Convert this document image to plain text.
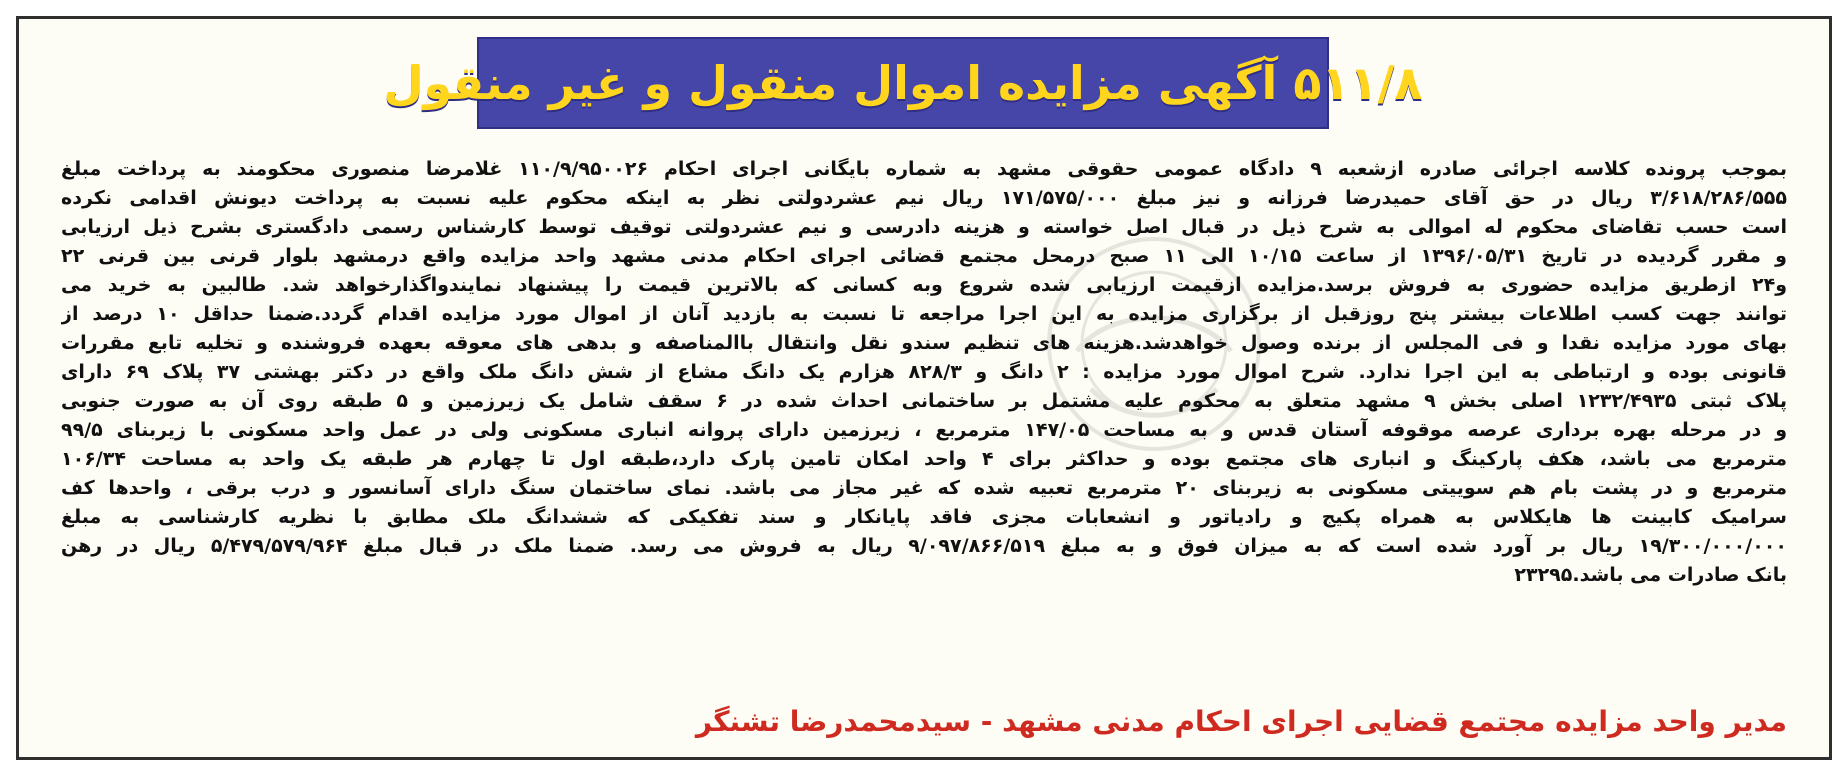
۵۱۱/۸ آگهی مزایده اموال منقول و غیر منقول
بموجب پرونده کلاسه اجرائی صادره ازشعبه ۹ دادگاه عمومی حقوقی مشهد به شماره بایگانی اجرای احکام ۱۱۰/۹/۹۵۰۰۲۶ غلامرضا منصوری محکومند به پرداخت مبلغ
۳/۶۱۸/۲۸۶/۵۵۵ ریال در حق آقای حمیدرضا فرزانه و نیز مبلغ ۱۷۱/۵۷۵/۰۰۰ ریال نیم عشردولتی نظر به اینکه محکوم علیه نسبت به پرداخت دیونش اقدامی نکرده
است حسب تقاضای محکوم له اموالی به شرح ذیل در قبال اصل خواسته و هزینه دادرسی و نیم عشردولتی توقیف توسط کارشناس رسمی دادگستری بشرح ذیل ارزیابی
و مقرر گردیده در تاریخ ۱۳۹۶/۰۵/۳۱ از ساعت ۱۰/۱۵ الی ۱۱ صبح درمحل مجتمع قضائی اجرای احکام مدنی مشهد واحد مزایده واقع درمشهد بلوار قرنی بین قرنی ۲۲
و۲۴ ازطریق مزایده حضوری به فروش برسد.مزایده ازقیمت ارزیابی شده شروع وبه کسانی که بالاترین قیمت را پیشنهاد نمایندواگذارخواهد شد. طالبین به خرید می
توانند جهت کسب اطلاعات بیشتر پنج روزقبل از برگزاری مزایده به این اجرا مراجعه تا نسبت به بازدید آنان از اموال مورد مزایده اقدام گردد.ضمنا حداقل ۱۰ درصد از
بهای مورد مزایده نقدا و فی المجلس از برنده وصول خواهدشد.هزینه های تنظیم سندو نقل وانتقال باالمناصفه و بدهی های معوقه بعهده فروشنده و تخلیه تابع مقررات
قانونی بوده و ارتباطی به این اجرا ندارد. شرح اموال مورد مزایده : ۲ دانگ و ۸۲۸/۳ هزارم یک دانگ مشاع از شش دانگ ملک واقع در دکتر بهشتی ۳۷ پلاک ۶۹ دارای
پلاک ثبتی ۱۲۳۲/۴۹۳۵ اصلی بخش ۹ مشهد متعلق به محکوم علیه مشتمل بر ساختمانی احداث شده در ۶ سقف شامل یک زیرزمین و ۵ طبقه روی آن به صورت جنوبی
و در مرحله بهره برداری عرصه موقوفه آستان قدس و به مساحت ۱۴۷/۰۵ مترمربع ، زیرزمین دارای پروانه انباری مسکونی ولی در عمل واحد مسکونی با زیربنای ۹۹/۵
مترمربع می باشد، هکف پارکینگ و انباری های مجتمع بوده و حداکثر برای ۴ واحد امکان تامین پارک دارد،طبقه اول تا چهارم هر طبقه یک واحد به مساحت ۱۰۶/۳۴
مترمربع و در پشت بام هم سوییتی مسکونی به زیربنای ۲۰ مترمربع تعبیه شده که غیر مجاز می باشد. نمای ساختمان سنگ دارای آسانسور و درب برقی ، واحدها کف
سرامیک کابینت ها هایکلاس به همراه پکیج و رادیاتور و انشعابات مجزی فاقد پایانکار و سند تفکیکی که ششدانگ ملک مطابق با نظریه کارشناسی به مبلغ
۱۹/۳۰۰/۰۰۰/۰۰۰ ریال بر آورد شده است که به میزان فوق و به مبلغ ۹/۰۹۷/۸۶۶/۵۱۹ ریال به فروش می رسد. ضمنا ملک در قبال مبلغ ۵/۴۷۹/۵۷۹/۹۶۴ ریال در رهن
بانک صادرات می باشد.۲۳۲۹۵
مدیر واحد مزایده مجتمع قضایی اجرای احکام مدنی مشهد - سیدمحمدرضا تشنگر
